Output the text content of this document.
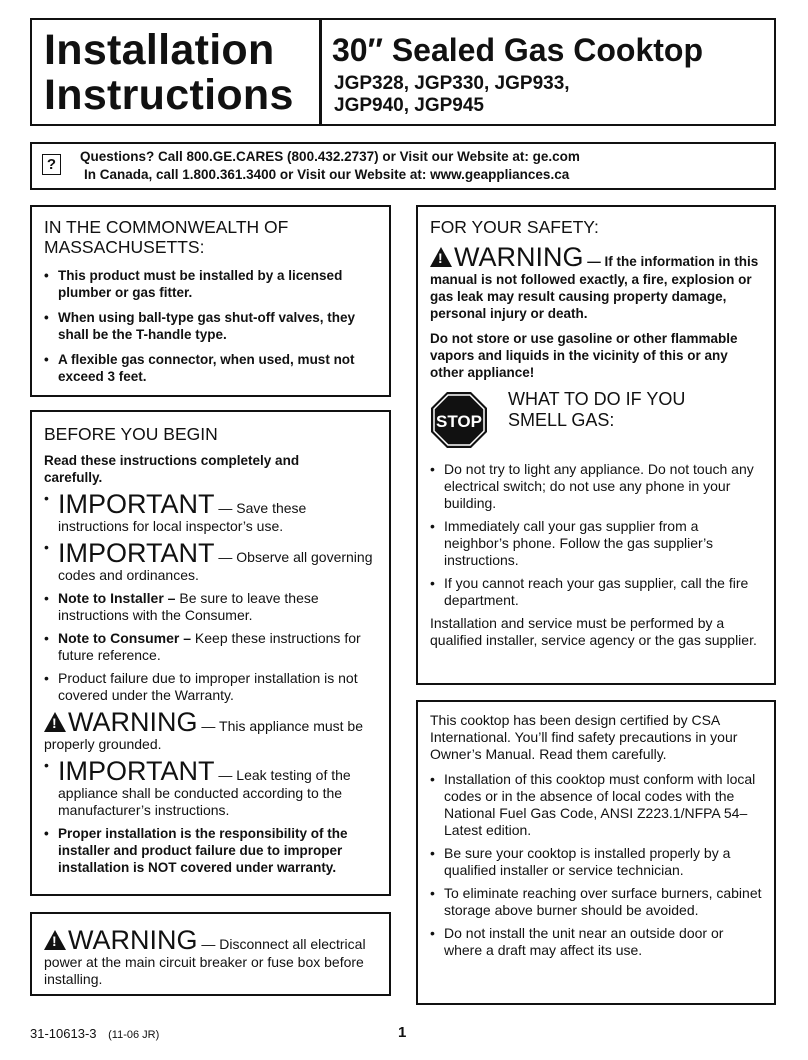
Installation
Instructions
30″ Sealed Gas Cooktop
JGP328, JGP330, JGP933,
JGP940, JGP945
?	Questions? Call 800.GE.CARES (800.432.2737) or Visit our Website at: ge.com
In Canada, call 1.800.361.3400 or Visit our Website at: www.geappliances.ca
IN THE COMMONWEALTH OF MASSACHUSETTS:
• This product must be installed by a licensed plumber or gas fitter.
• When using ball-type gas shut-off valves, they shall be the T-handle type.
• A flexible gas connector, when used, must not exceed 3 feet.
BEFORE YOU BEGIN
Read these instructions completely and carefully.
• IMPORTANT — Save these instructions for local inspector’s use.
• IMPORTANT — Observe all governing codes and ordinances.
• Note to Installer – Be sure to leave these instructions with the Consumer.
• Note to Consumer – Keep these instructions for future reference.
• Product failure due to improper installation is not covered under the Warranty.
!WARNING — This appliance must be properly grounded.
• IMPORTANT — Leak testing of the appliance shall be conducted according to the manufacturer’s instructions.
• Proper installation is the responsibility of the installer and product failure due to improper installation is NOT covered under warranty.
!WARNING — Disconnect all electrical power at the main circuit breaker or fuse box before installing.
FOR YOUR SAFETY:
!WARNING — If the information in this manual is not followed exactly, a fire, explosion or gas leak may result causing property damage, personal injury or death.
Do not store or use gasoline or other flammable vapors and liquids in the vicinity of this or any other appliance!
STOP
WHAT TO DO IF YOU
SMELL GAS:
• Do not try to light any appliance. Do not touch any electrical switch; do not use any phone in your building.
• Immediately call your gas supplier from a neighbor’s phone. Follow the gas supplier’s instructions.
• If you cannot reach your gas supplier, call the fire department.
Installation and service must be performed by a qualified installer, service agency or the gas supplier.
This cooktop has been design certified by CSA International. You’ll find safety precautions in your Owner’s Manual. Read them carefully.
• Installation of this cooktop must conform with local codes or in the absence of local codes with the National Fuel Gas Code, ANSI Z223.1/NFPA 54–Latest edition.
• Be sure your cooktop is installed properly by a qualified installer or service technician.
• To eliminate reaching over surface burners, cabinet storage above burner should be avoided.
• Do not install the unit near an outside door or where a draft may affect its use.
31-10613-3 (11-06 JR)	1
